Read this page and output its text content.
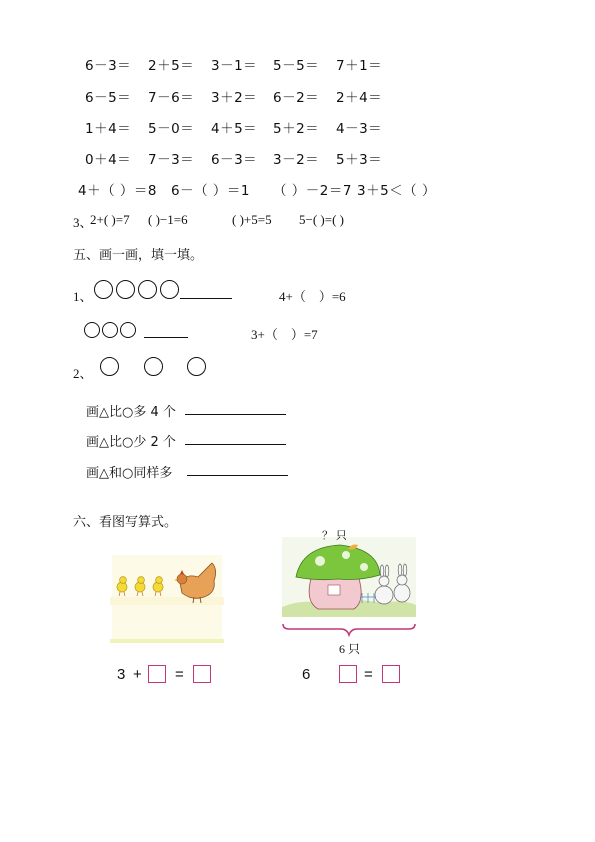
6－3＝ 2＋5＝ 3－1＝ 5－5＝ 7＋1＝
6－5＝ 7－6＝ 3＋2＝ 6－2＝ 2＋4＝
1＋4＝ 5－0＝ 4＋5＝ 5＋2＝ 4－3＝
0＋4＝ 7－3＝ 6－3＝ 3－2＝ 5＋3＝
4＋（ ）＝8 6－（ ）＝1 （ ）－2＝7 3＋5＜（ ）
3、
2+( )=7 ( )−1=6	( )+5=5 5−( )=( )
五、画一画，填一填。
1、	4+（　）=6
3+（　）=7
2、
画△比○多 4 个
画△比○少 2 个
画△和○同样多
六、看图写算式。
3 + =
？ 只
6 只
6	=
